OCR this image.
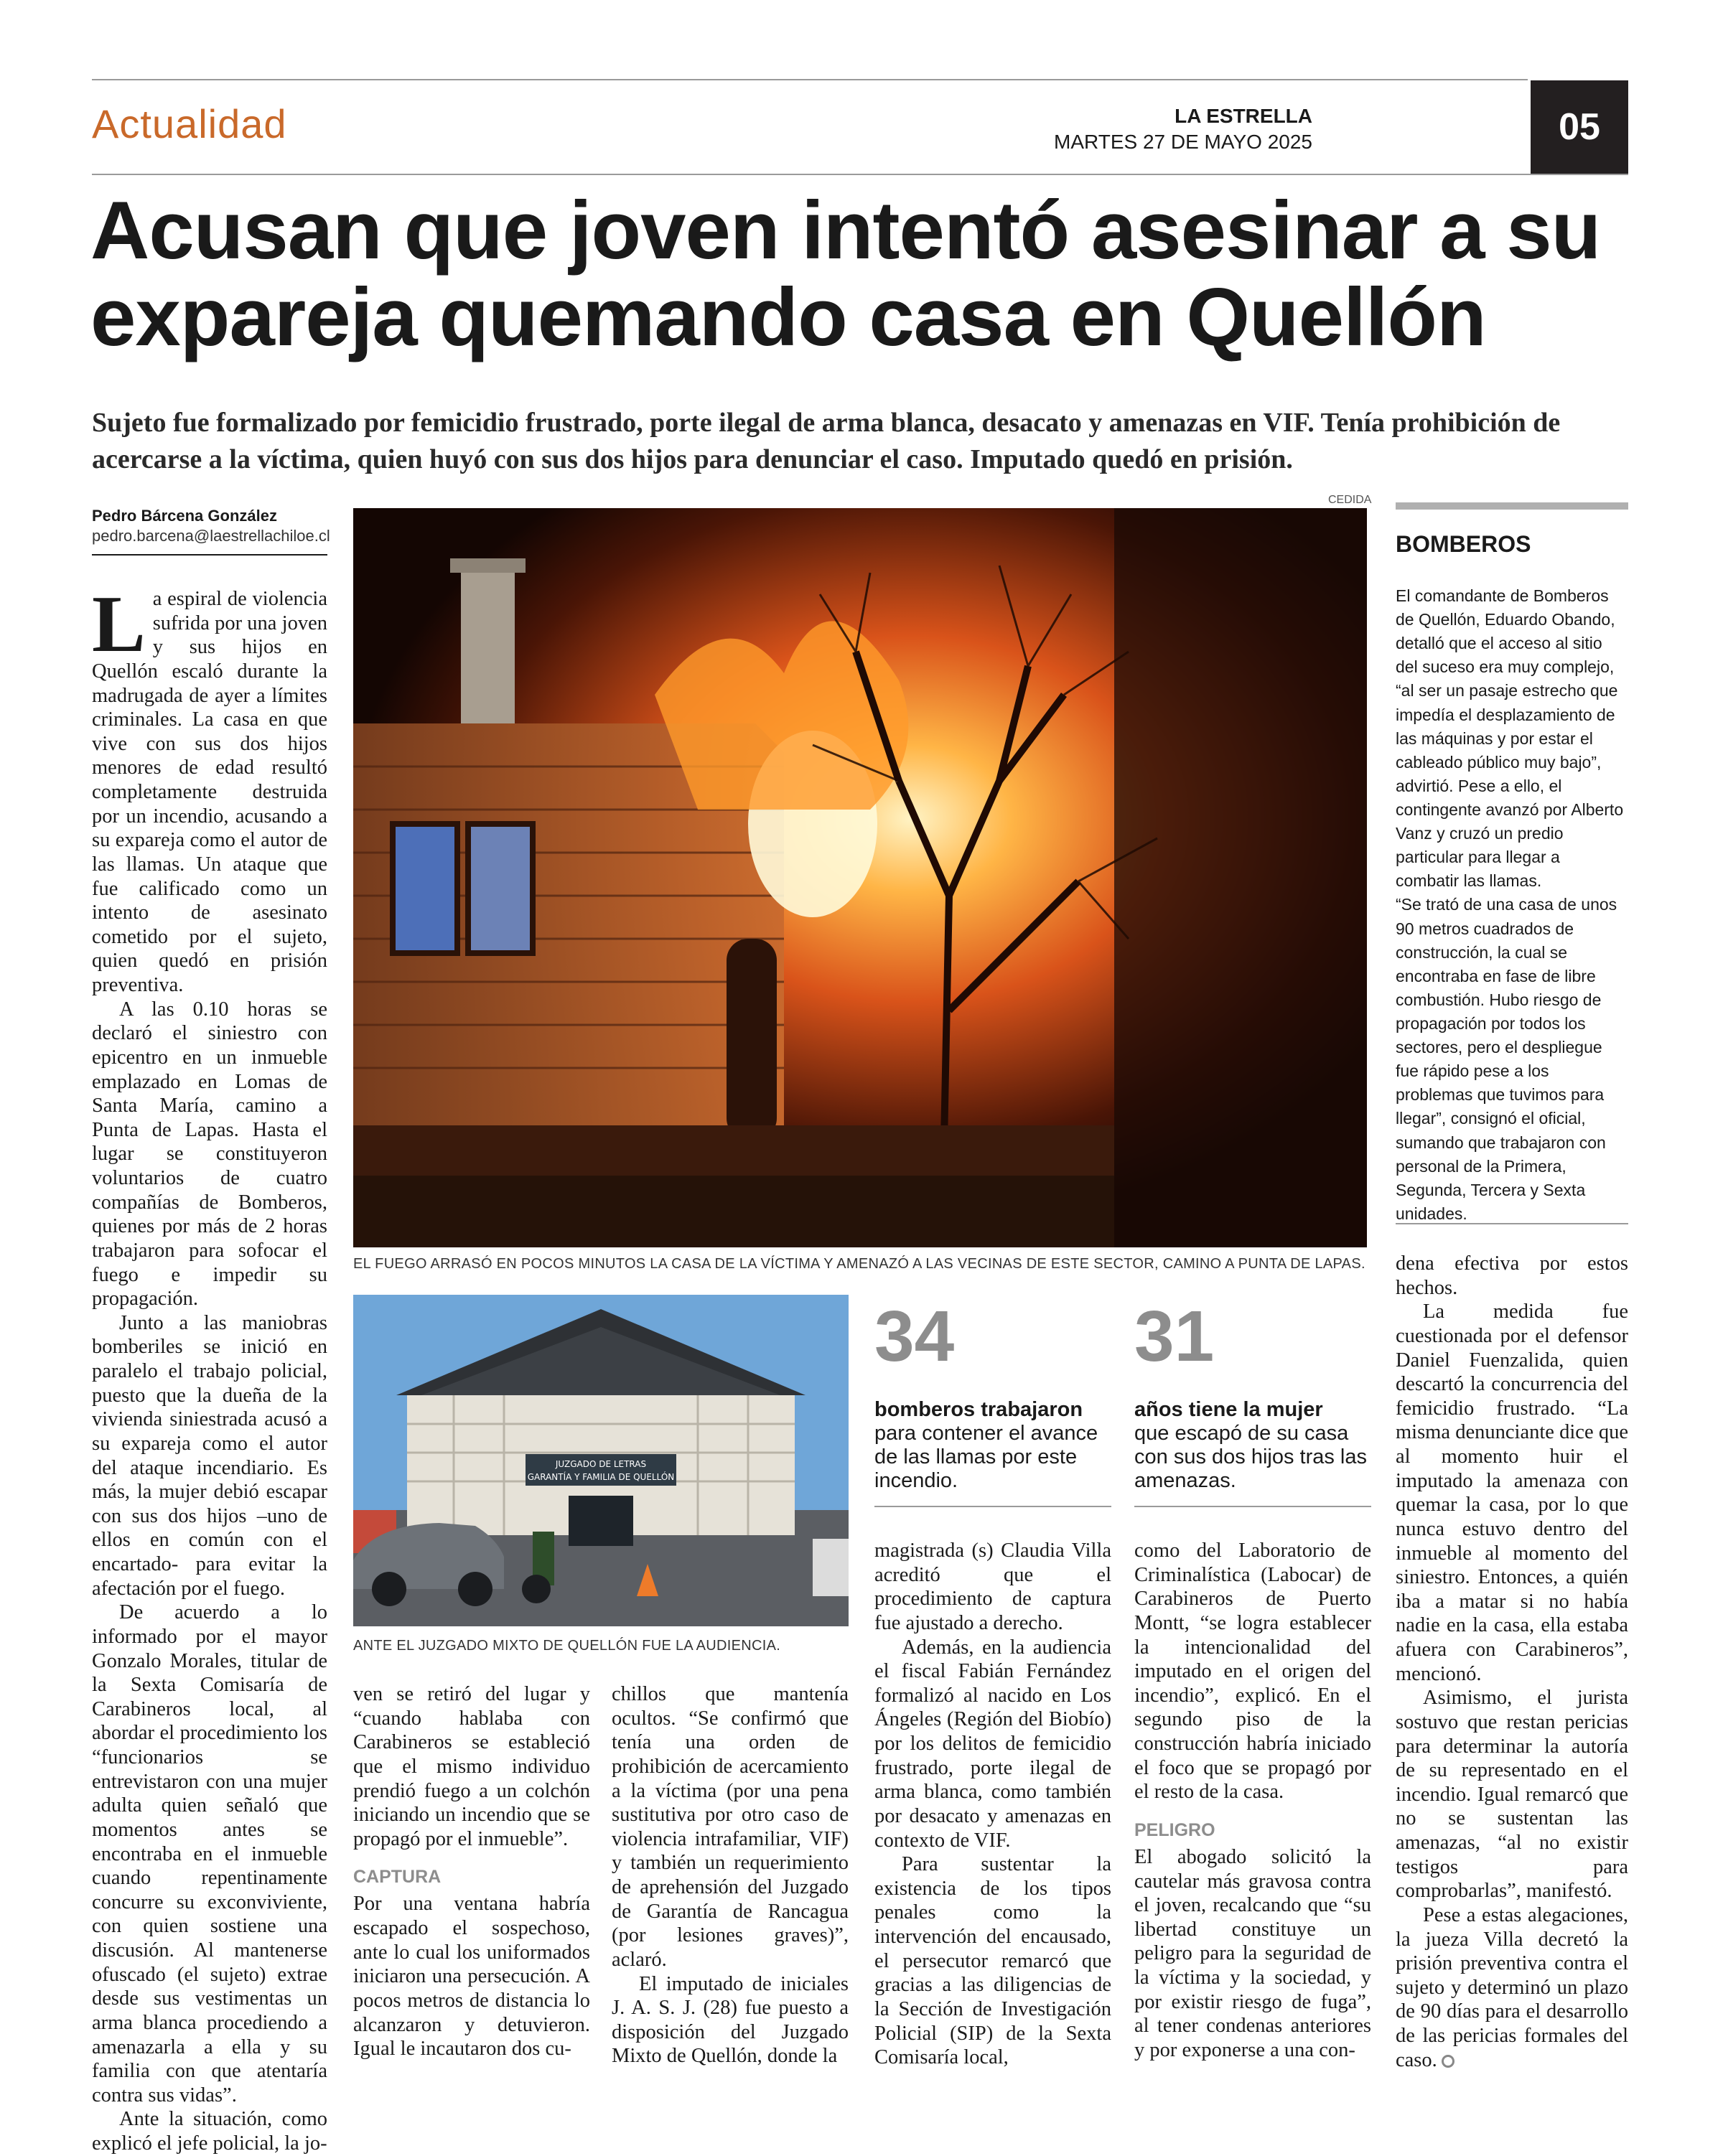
Actualidad	LA ESTRELLA
MARTES 27 DE MAYO 2025	05
Acusan que joven intentó asesinar a su expareja quemando casa en Quellón
Sujeto fue formalizado por femicidio frustrado, porte ilegal de arma blanca, desacato y amenazas en VIF. Tenía prohibición de acercarse a la víctima, quien huyó con sus dos hijos para denunciar el caso. Imputado quedó en prisión.
Pedro Bárcena González
pedro.barcena@laestrellachiloe.cl
CEDIDA
EL FUEGO ARRASÓ EN POCOS MINUTOS LA CASA DE LA VÍCTIMA Y AMENAZÓ A LAS VECINAS DE ESTE SECTOR, CAMINO A PUNTA DE LAPAS.
JUZGADO DE LETRAS
GARANTÍA Y FAMILIA DE QUELLÓN
ANTE EL JUZGADO MIXTO DE QUELLÓN FUE LA AUDIENCIA.
34
bomberos trabajaron
para contener el avance de las llamas por este incendio.
31
años tiene la mujer
que escapó de su casa con sus dos hijos tras las amenazas.
BOMBEROS

El comandante de Bomberos de Quellón, Eduardo Obando, detalló que el acceso al sitio del suceso era muy complejo, “al ser un pasaje estrecho que impedía el desplazamiento de las máquinas y por estar el cableado público muy bajo”, advirtió. Pese a ello, el contingente avanzó por Alberto Vanz y cruzó un predio particular para llegar a combatir las llamas.

“Se trató de una casa de unos 90 metros cuadrados de construcción, la cual se encontraba en fase de libre combustión. Hubo riesgo de propagación por todos los sectores, pero el despliegue fue rápido pese a los problemas que tuvimos para llegar”, consignó el oficial, sumando que trabajaron con personal de la Primera, Segunda, Tercera y Sexta unidades.

L a espiral de violencia sufrida por una joven y sus hijos en Quellón escaló durante la madrugada de ayer a límites criminales. La casa en que vive con sus dos hijos menores de edad resultó completamente destruida por un incendio, acusando a su expareja como el autor de las llamas. Un ataque que fue calificado como un intento de asesinato cometido por el sujeto, quien quedó en prisión preventiva.

A las 0.10 horas se declaró el siniestro con epicentro en un inmueble emplazado en Lomas de Santa María, camino a Punta de Lapas. Hasta el lugar se constituyeron voluntarios de cuatro compañías de Bomberos, quienes por más de 2 horas trabajaron para sofocar el fuego e impedir su propagación.

Junto a las maniobras bomberiles se inició en paralelo el trabajo policial, puesto que la dueña de la vivienda siniestrada acusó a su expareja como el autor del ataque incendiario. Es más, la mujer debió escapar con sus dos hijos –uno de ellos en común con el encartado- para evitar la afectación por el fuego.

De acuerdo a lo informado por el mayor Gonzalo Morales, titular de la Sexta Comisaría de Carabineros local, al abordar el procedimiento los “funcionarios se entrevistaron con una mujer adulta quien señaló que momentos antes se encontraba en el inmueble cuando repentinamente concurre su exconviviente, con quien sostiene una discusión. Al mantenerse ofuscado (el sujeto) extrae desde sus vestimentas un arma blanca procediendo a amenazarla a ella y su familia con que atentaría contra sus vidas”.

Ante la situación, como explicó el jefe policial, la jo-

ven se retiró del lugar y “cuando hablaba con Carabineros se estableció que el mismo individuo prendió fuego a un colchón iniciando un incendio que se propagó por el inmueble”.

CAPTURA

Por una ventana habría escapado el sospechoso, ante lo cual los uniformados iniciaron una persecución. A pocos metros de distancia lo alcanzaron y detuvieron. Igual le incautaron dos cu-

chillos que mantenía ocultos. “Se confirmó que tenía una orden de prohibición de acercamiento a la víctima (por una pena sustitutiva por otro caso de violencia intrafamiliar, VIF) y también un requerimiento de aprehensión del Juzgado de Garantía de Rancagua (por lesiones graves)”, aclaró.

El imputado de iniciales J. A. S. J. (28) fue puesto a disposición del Juzgado Mixto de Quellón, donde la

magistrada (s) Claudia Villa acreditó que el procedimiento de captura fue ajustado a derecho.

Además, en la audiencia el fiscal Fabián Fernández formalizó al nacido en Los Ángeles (Región del Biobío) por los delitos de femicidio frustrado, porte ilegal de arma blanca, como también por desacato y amenazas en contexto de VIF.

Para sustentar la existencia de los tipos penales como la intervención del encausado, el persecutor remarcó que gracias a las diligencias de la Sección de Investigación Policial (SIP) de la Sexta Comisaría local,

como del Laboratorio de Criminalística (Labocar) de Carabineros de Puerto Montt, “se logra establecer la intencionalidad del imputado en el origen del incendio”, explicó. En el segundo piso de la construcción habría iniciado el foco que se propagó por el resto de la casa.

PELIGRO

El abogado solicitó la cautelar más gravosa contra el joven, recalcando que “su libertad constituye un peligro para la seguridad de la víctima y la sociedad, y por existir riesgo de fuga”, al tener condenas anteriores y por exponerse a una con-

dena efectiva por estos hechos.

La medida fue cuestionada por el defensor Daniel Fuenzalida, quien descartó la concurrencia del femicidio frustrado. “La misma denunciante dice que al momento huir el imputado la amenaza con quemar la casa, por lo que nunca estuvo dentro del inmueble al momento del siniestro. Entonces, a quién iba a matar si no había nadie en la casa, ella estaba afuera con Carabineros”, mencionó.

Asimismo, el jurista sostuvo que restan pericias para determinar la autoría de su representado en el incendio. Igual remarcó que no se sustentan las amenazas, “al no existir testigos para comprobarlas”, manifestó.

Pese a estas alegaciones, la jueza Villa decretó la prisión preventiva contra el sujeto y determinó un plazo de 90 días para el desarrollo de las pericias formales del caso.
